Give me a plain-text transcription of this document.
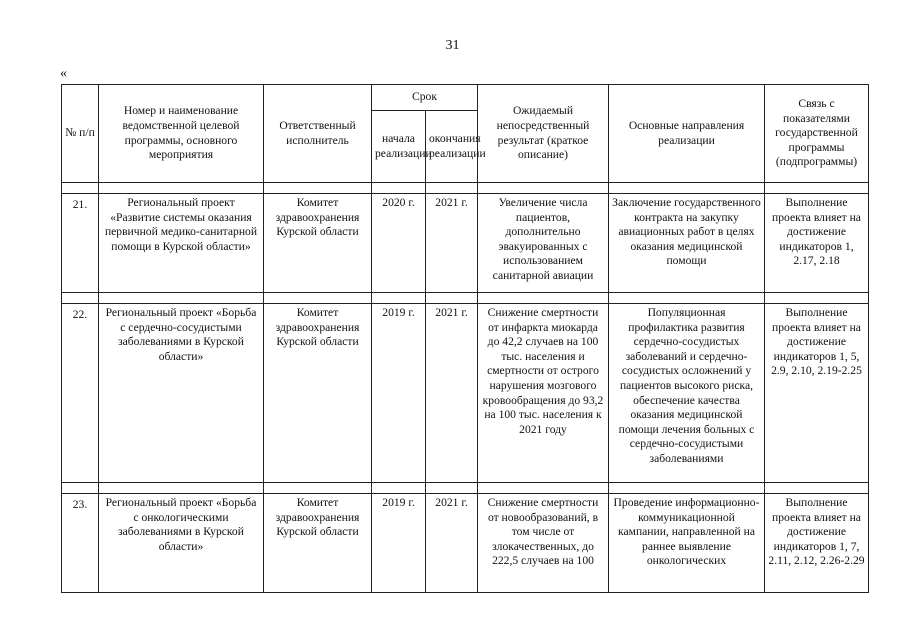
31
«
№ п/п	Номер и наименование ведомственной целевой программы, основного мероприятия	Ответственный исполнитель	Срок		Ожидаемый непосредственный результат (краткое описание)	Основные направления реализации	Связь с показателями государственной программы (подпрограммы)
			начала реализации	окончания реализации			

21.	Региональный проект «Развитие системы оказания первичной медико-санитарной помощи в Курской области»	Комитет здравоохранения Курской области	2020 г.	2021 г.	Увеличение числа пациентов, дополнительно эвакуированных с использованием санитарной авиации	Заключение государственного контракта на закупку авиационных работ в целях оказания медицинской помощи	Выполнение проекта влияет на достижение индикаторов 1, 2.17, 2.18

22.	Региональный проект «Борьба с сердечно-сосудистыми заболеваниями в Курской области»	Комитет здравоохранения Курской области	2019 г.	2021 г.	Снижение смертности от инфаркта миокарда до 42,2 случаев на 100 тыс. населения и смертности от острого нарушения мозгового кровообращения до 93,2 на 100 тыс. населения к 2021 году	Популяционная профилактика развития сердечно-сосудистых заболеваний и сердечно-сосудистых осложнений у пациентов высокого риска, обеспечение качества оказания медицинской помощи лечения больных с сердечно-сосудистыми заболеваниями	Выполнение проекта влияет на достижение индикаторов 1, 5, 2.9, 2.10, 2.19-2.25

23.	Региональный проект «Борьба с онкологическими заболеваниями в Курской области»	Комитет здравоохранения Курской области	2019 г.	2021 г.	Снижение смертности от новообразований, в том числе от злокачественных, до 222,5 случаев на 100	Проведение информационно-коммуникационной кампании, направленной на раннее выявление онкологических	Выполнение проекта влияет на достижение индикаторов 1, 7, 2.11, 2.12, 2.26-2.29
